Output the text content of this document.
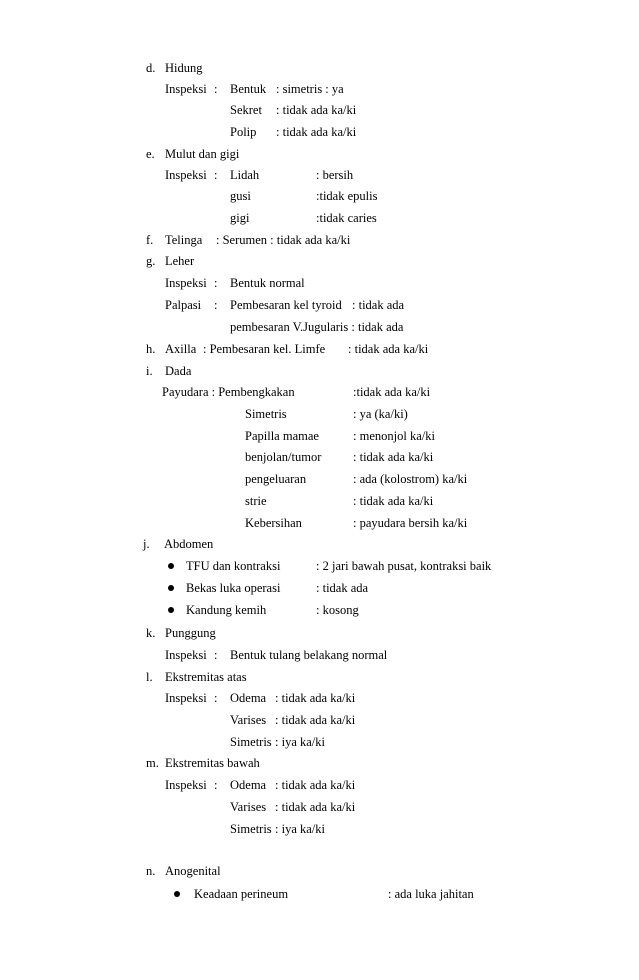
d. Hidung
Inspeksi : Bentuk : simetris : ya
Sekret : tidak ada ka/ki
Polip : tidak ada ka/ki
e. Mulut dan gigi
Inspeksi : Lidah	: bersih
gusi	:tidak epulis
gigi	:tidak caries
f. Telinga : Serumen : tidak ada ka/ki
g. Leher
Inspeksi : Bentuk normal
Palpasi : Pembesaran kel tyroid : tidak ada
pembesaran V.Jugularis : tidak ada
h. Axilla : Pembesaran kel. Limfe : tidak ada ka/ki
i. Dada
Payudara : Pembengkakan	:tidak ada ka/ki
Simetris	: ya (ka/ki)
Papilla mamae	: menonjol ka/ki
benjolan/tumor	: tidak ada ka/ki
pengeluaran	: ada (kolostrom) ka/ki
strie	: tidak ada ka/ki
Kebersihan	: payudara bersih ka/ki
j. Abdomen
TFU dan kontraksi	: 2 jari bawah pusat, kontraksi baik
Bekas luka operasi	: tidak ada
Kandung kemih	: kosong
k. Punggung
Inspeksi : Bentuk tulang belakang normal
l. Ekstremitas atas
Inspeksi : Odema : tidak ada ka/ki
Varises : tidak ada ka/ki
Simetris : iya ka/ki
m. Ekstremitas bawah
Inspeksi : Odema : tidak ada ka/ki
Varises : tidak ada ka/ki
Simetris : iya ka/ki
n. Anogenital
Keadaan perineum	: ada luka jahitan
